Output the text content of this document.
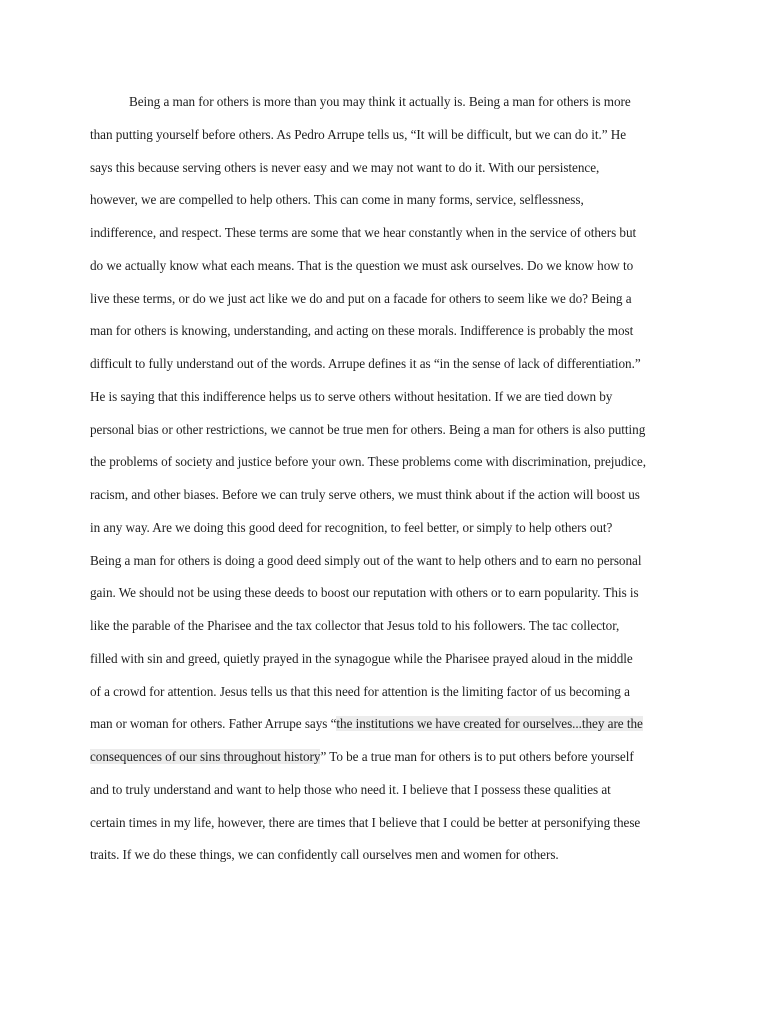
Being a man for others is more than you may think it actually is. Being a man for others is more
than putting yourself before others. As Pedro Arrupe tells us, “It will be difficult, but we can do it.” He
says this because serving others is never easy and we may not want to do it. With our persistence,
however, we are compelled to help others. This can come in many forms, service, selflessness,
indifference, and respect. These terms are some that we hear constantly when in the service of others but
do we actually know what each means. That is the question we must ask ourselves. Do we know how to
live these terms, or do we just act like we do and put on a facade for others to seem like we do? Being a
man for others is knowing, understanding, and acting on these morals. Indifference is probably the most
difficult to fully understand out of the words. Arrupe defines it as “in the sense of lack of differentiation.”
He is saying that this indifference helps us to serve others without hesitation. If we are tied down by
personal bias or other restrictions, we cannot be true men for others. Being a man for others is also putting
the problems of society and justice before your own. These problems come with discrimination, prejudice,
racism, and other biases. Before we can truly serve others, we must think about if the action will boost us
in any way. Are we doing this good deed for recognition, to feel better, or simply to help others out?
Being a man for others is doing a good deed simply out of the want to help others and to earn no personal
gain. We should not be using these deeds to boost our reputation with others or to earn popularity. This is
like the parable of the Pharisee and the tax collector that Jesus told to his followers. The tac collector,
filled with sin and greed, quietly prayed in the synagogue while the Pharisee prayed aloud in the middle
of a crowd for attention. Jesus tells us that this need for attention is the limiting factor of us becoming a
man or woman for others. Father Arrupe says “the institutions we have created for ourselves...they are the
consequences of our sins throughout history” To be a true man for others is to put others before yourself
and to truly understand and want to help those who need it. I believe that I possess these qualities at
certain times in my life, however, there are times that I believe that I could be better at personifying these
traits. If we do these things, we can confidently call ourselves men and women for others.
